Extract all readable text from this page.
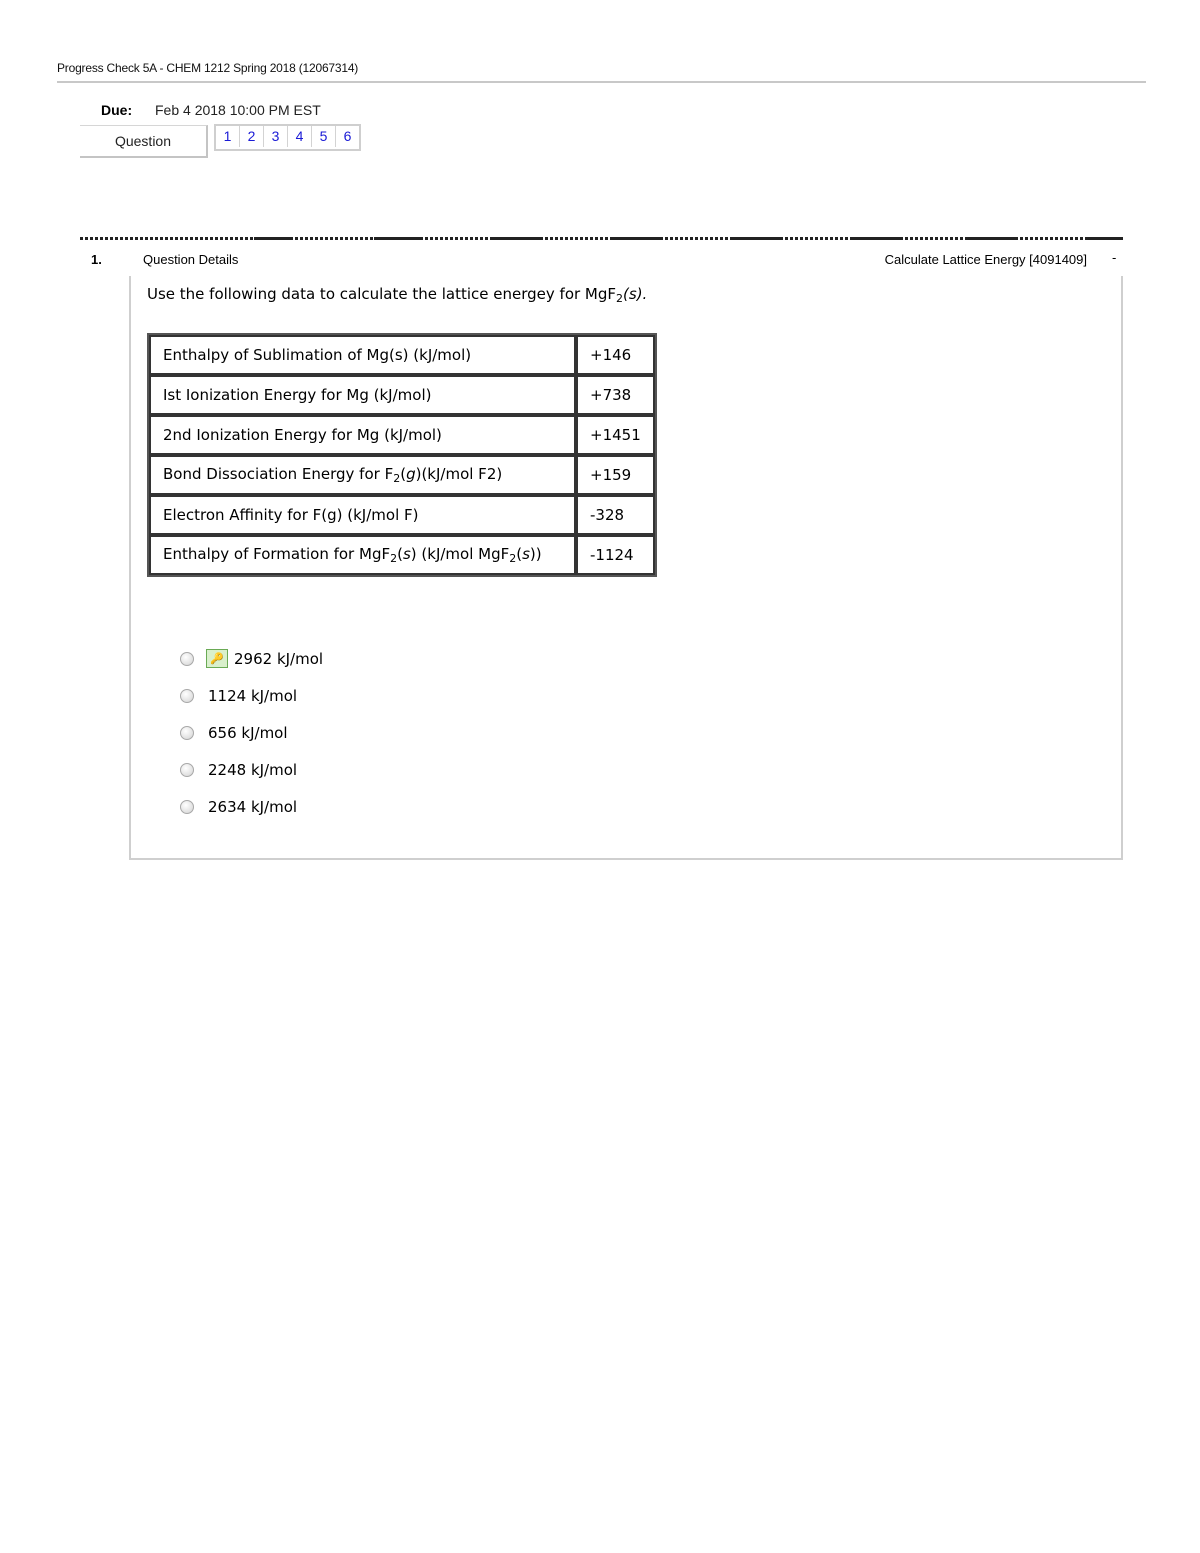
Progress Check 5A - CHEM 1212 Spring 2018 (12067314)
Due: Feb 4 2018 10:00 PM EST
Question	1	2	3	4	5	6
1.	Question Details	Calculate Lattice Energy [4091409] -
Use the following data to calculate the lattice energey for MgF$_2$(s).
Enthalpy of Sublimation of Mg(s) (kJ/mol)	+146
Ist Ionization Energy for Mg (kJ/mol)	+738
2nd Ionization Energy for Mg (kJ/mol)	+1451
Bond Dissociation Energy for $F_2(g)(kJ$/mol F2)	+159
Electron Affinity for F(g) (kJ/mol F)	-328
Enthalpy of Formation for MgF$_2$(s) (kJ/mol MgF$_2$(s))	-1124
🔑 2962 kJ/mol
1124 kJ/mol
656 kJ/mol
2248 kJ/mol
2634 kJ/mol
